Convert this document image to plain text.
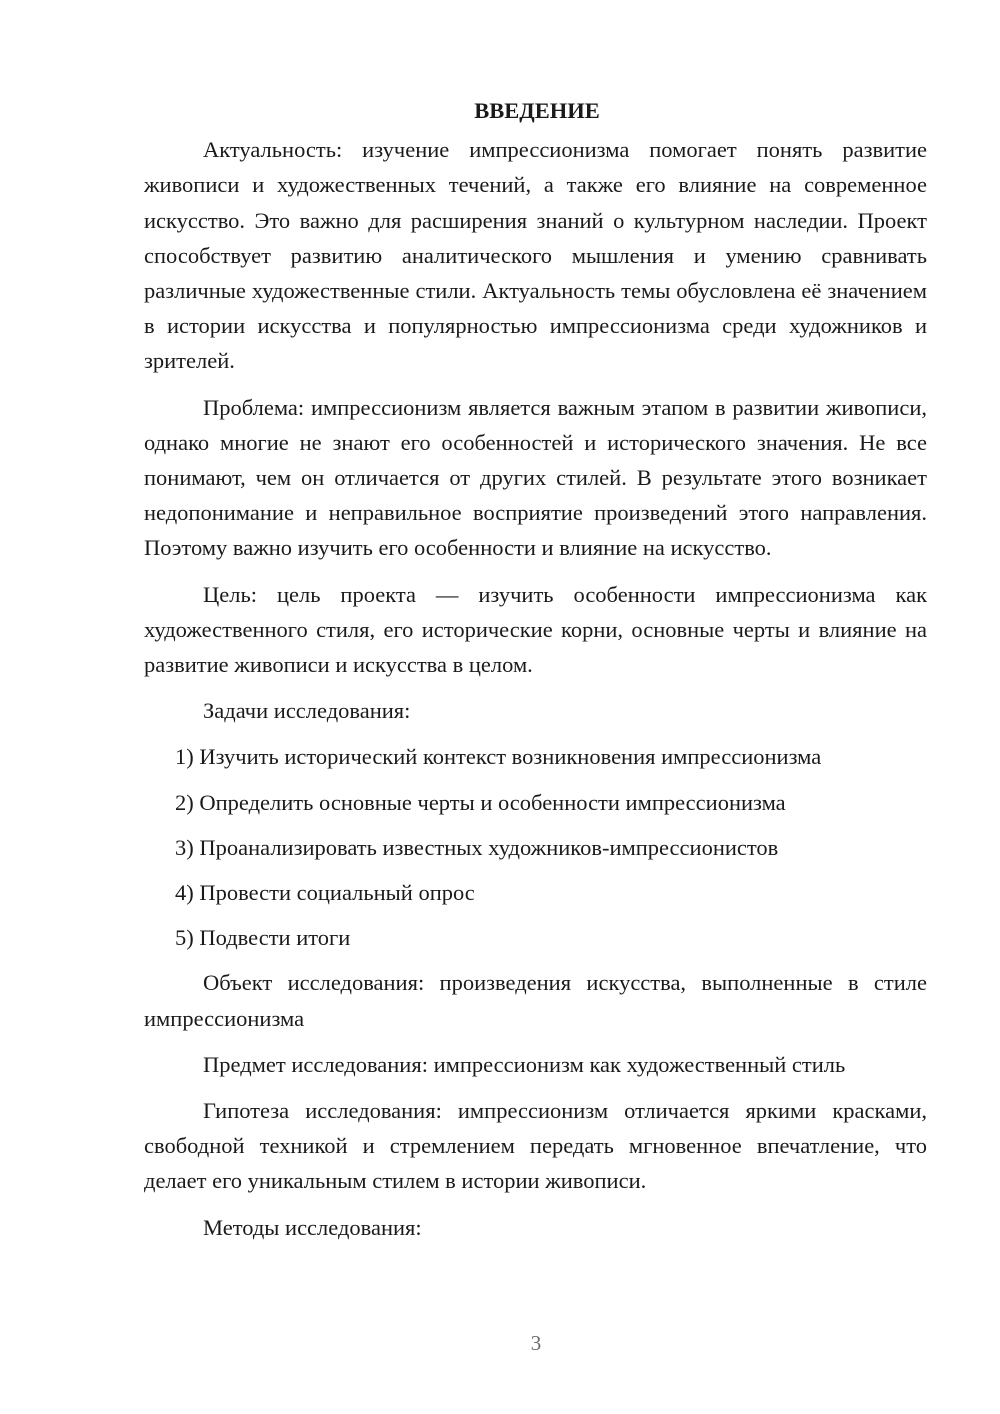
ВВЕДЕНИЕ

Актуальность: изучение импрессионизма помогает понять развитие живописи и художественных течений, а также его влияние на современное искусство. Это важно для расширения знаний о культурном наследии. Проект способствует развитию аналитического мышления и умению сравнивать различные художественные стили. Актуальность темы обусловлена её значением в истории искусства и популярностью импрессионизма среди художников и зрителей.

Проблема: импрессионизм является важным этапом в развитии живописи, однако многие не знают его особенностей и исторического значения. Не все понимают, чем он отличается от других стилей. В результате этого возникает недопонимание и неправильное восприятие произведений этого направления. Поэтому важно изучить его особенности и влияние на искусство.

Цель: цель проекта — изучить особенности импрессионизма как художественного стиля, его исторические корни, основные черты и влияние на развитие живописи и искусства в целом.

Задачи исследования:

1) Изучить исторический контекст возникновения импрессионизма
2) Определить основные черты и особенности импрессионизма
3) Проанализировать известных художников-импрессионистов
4) Провести социальный опрос
5) Подвести итоги

Объект исследования: произведения искусства, выполненные в стиле импрессионизма

Предмет исследования: импрессионизм как художественный стиль

Гипотеза исследования: импрессионизм отличается яркими красками, свободной техникой и стремлением передать мгновенное впечатление, что делает его уникальным стилем в истории живописи.

Методы исследования:

3
